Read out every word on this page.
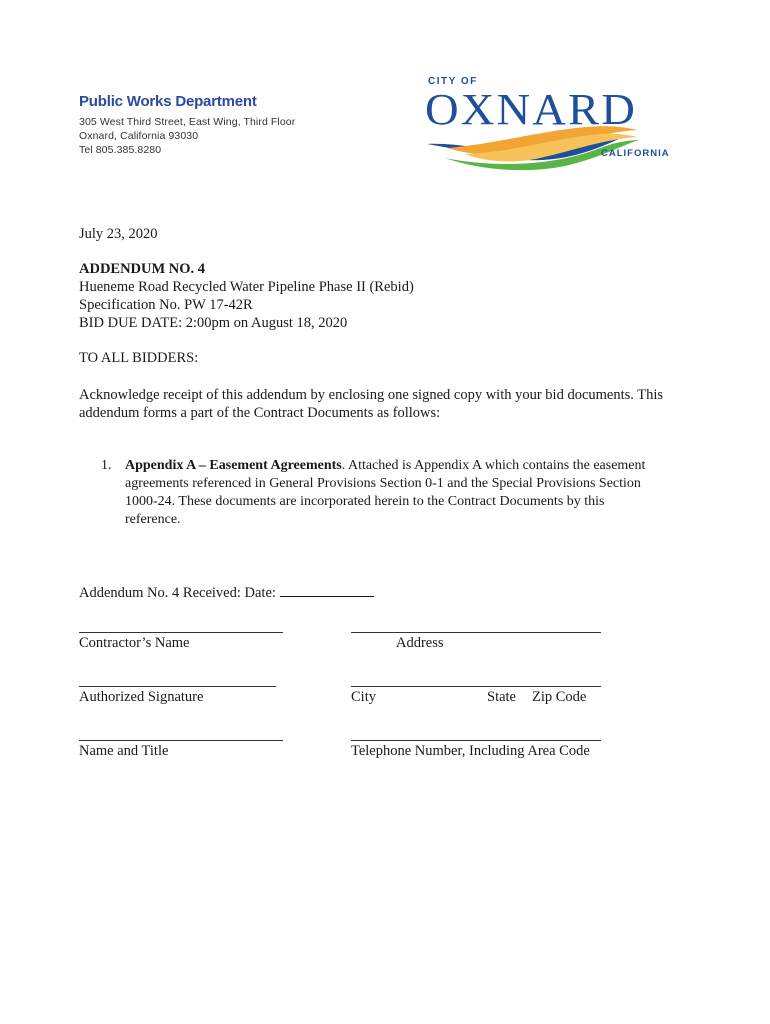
Public Works Department
305 West Third Street, East Wing, Third Floor
Oxnard, California 93030
Tel 805.385.8280
CITY OF
OXNARD
CALIFORNIA
July 23, 2020
ADDENDUM NO. 4
Hueneme Road Recycled Water Pipeline Phase II (Rebid)
Specification No. PW 17-42R
BID DUE DATE: 2:00pm on August 18, 2020
TO ALL BIDDERS:
Acknowledge receipt of this addendum by enclosing one signed copy with your bid documents. This addendum forms a part of the Contract Documents as follows:
1. Appendix A – Easement Agreements. Attached is Appendix A which contains the easement agreements referenced in General Provisions Section 0-1 and the Special Provisions Section 1000-24. These documents are incorporated herein to the Contract Documents by this reference.
Addendum No. 4 Received: Date:
Contractor’s Name	Address
Authorized Signature	City	State Zip Code
Name and Title	Telephone Number, Including Area Code
